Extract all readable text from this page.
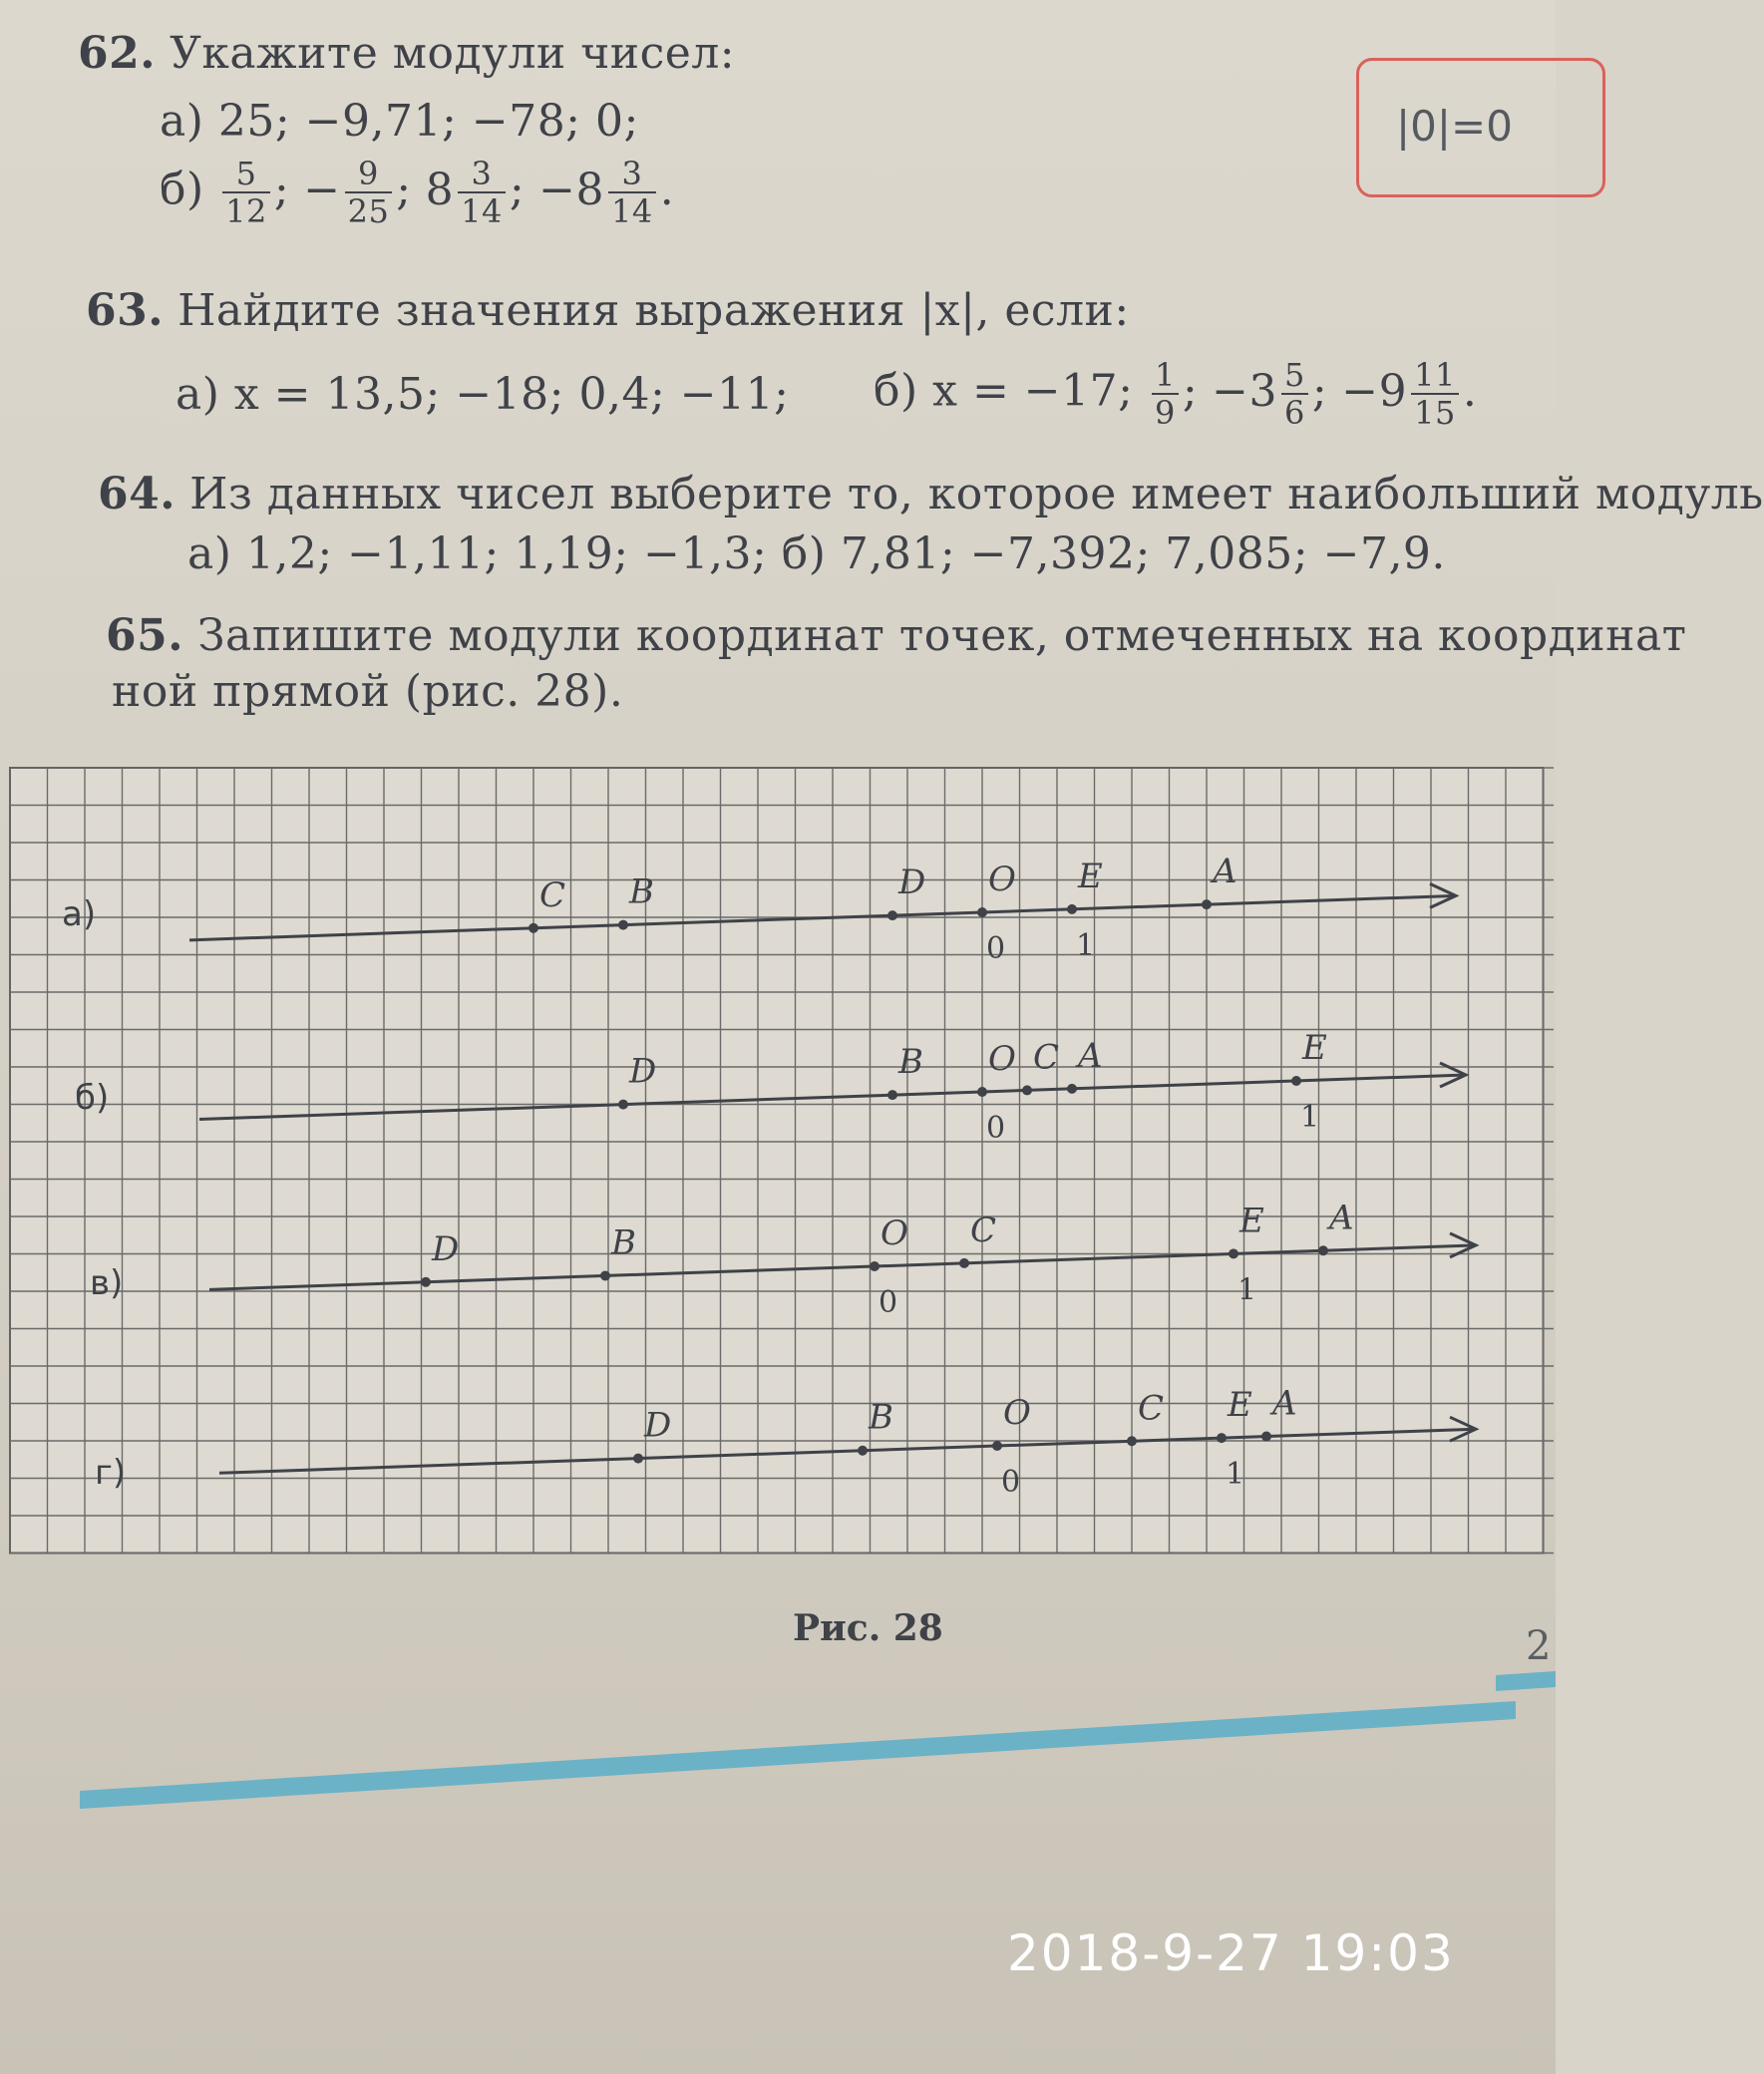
62. Укажите модули чисел:
а) 25; −9,71; −78; 0;
$б) \frac{5}{12}$ ; − $\frac{9}{25}$ ; $8 \frac{3}{14}$ ; $-8 \frac{3}{14}$ .
|0|=0
63. Найдите значения выражения |x|, если:
а) x = 13,5; −18; 0,4; −11; б) x = −17; $\frac{1}{9}$ ; $-3 \frac{5}{6}$ ; $-9 \frac{11}{15}$ .
64. Из данных чисел выберите то, которое имеет наибольший модуль
а) 1,2; −1,11; 1,19; −1,3; б) 7,81; −7,392; 7,085; −7,9.
65. Запишите модули координат точек, отмеченных на координат
ной прямой (рис. 28).
а)	C B	D O
0
E
1
A
б)
D	B O
0
C A	E
1
в)
D	B	O
0
C	E
1
A
г)
D	B	O
0
C E
1
A
Рис. 28	2
2018-9-27 19:03
